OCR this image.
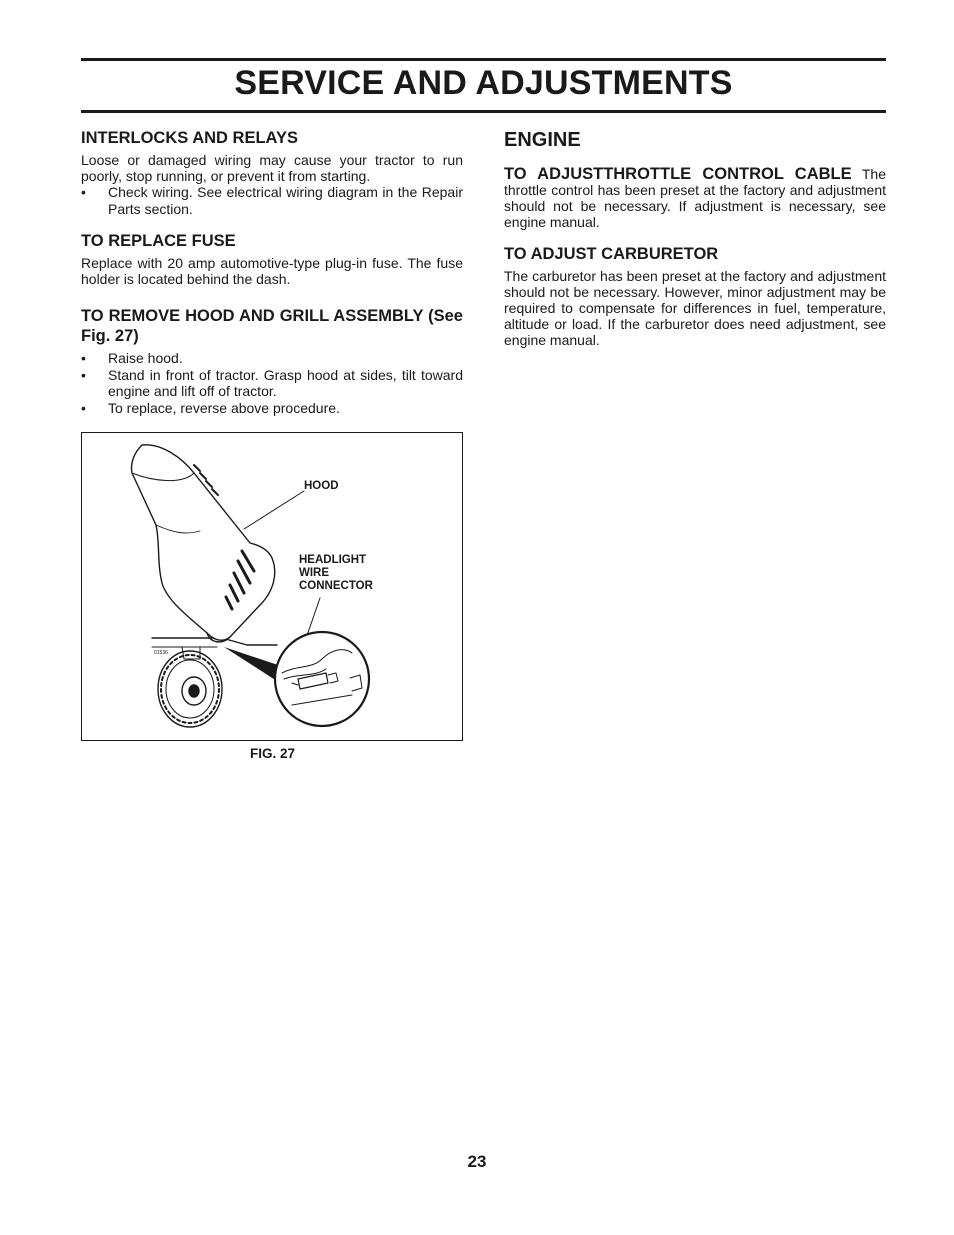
SERVICE AND ADJUSTMENTS
INTERLOCKS AND RELAYS

Loose or damaged wiring may cause your tractor to run poorly, stop running, or prevent it from starting.

• Check wiring. See electrical wiring diagram in the Repair Parts section.
TO REPLACE FUSE

Replace with 20 amp automotive-type plug-in fuse. The fuse holder is located behind the dash.

TO REMOVE HOOD AND GRILL ASSEMBLY (See Fig. 27)
• Raise hood.
• Stand in front of tractor. Grasp hood at sides, tilt toward engine and lift off of tractor.
• To replace, reverse above procedure.
ENGINE

TO ADJUSTTHROTTLE CONTROL CABLE The throttle control has been preset at the factory and adjustment should not be necessary. If adjustment is necessary, see engine manual.

TO ADJUST CARBURETOR

The carburetor has been preset at the factory and adjustment should not be necessary. However, minor adjustment may be required to compensate for differences in fuel, temperature, altitude or load. If the carburetor does need adjustment, see engine manual.

01536
HOOD
HEADLIGHT
WIRE
CONNECTOR
FIG. 27
23
